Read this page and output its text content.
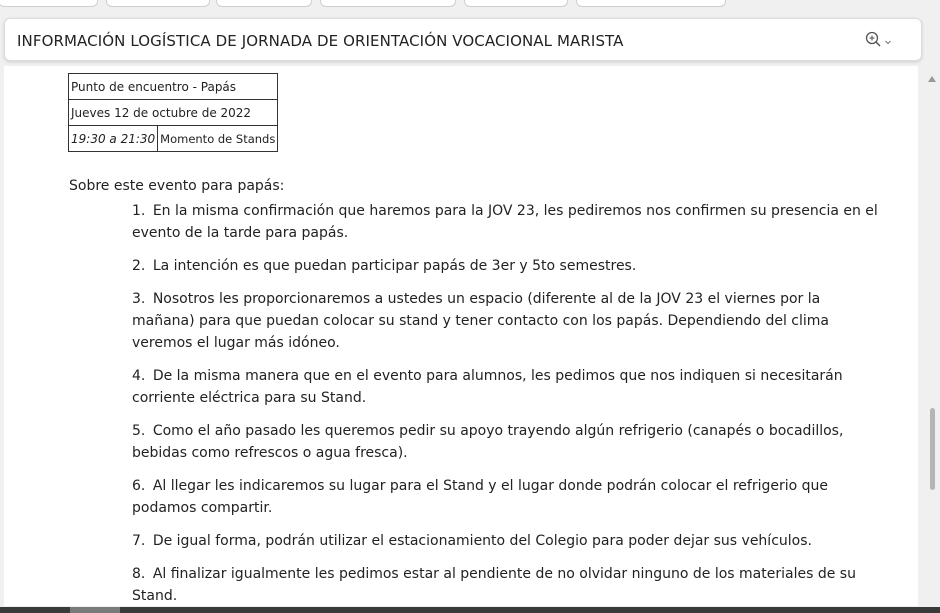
INFORMACIÓN LOGÍSTICA DE JORNADA DE ORIENTACIÓN VOCACIONAL MARISTA
Punto de encuentro - Papás
Jueves 12 de octubre de 2022
19:30 a 21:30	Momento de Stands
Sobre este evento para papás:
1. En la misma confirmación que haremos para la JOV 23, les pediremos nos confirmen su presencia en el evento de la tarde para papás.
2. La intención es que puedan participar papás de 3er y 5to semestres.
3. Nosotros les proporcionaremos a ustedes un espacio (diferente al de la JOV 23 el viernes por la mañana) para que puedan colocar su stand y tener contacto con los papás. Dependiendo del clima veremos el lugar más idóneo.
4. De la misma manera que en el evento para alumnos, les pedimos que nos indiquen si necesitarán corriente eléctrica para su Stand.
5. Como el año pasado les queremos pedir su apoyo trayendo algún refrigerio (canapés o bocadillos, bebidas como refrescos o agua fresca).
6. Al llegar les indicaremos su lugar para el Stand y el lugar donde podrán colocar el refrigerio que podamos compartir.
7. De igual forma, podrán utilizar el estacionamiento del Colegio para poder dejar sus vehículos.
8. Al finalizar igualmente les pedimos estar al pendiente de no olvidar ninguno de los materiales de su Stand.
